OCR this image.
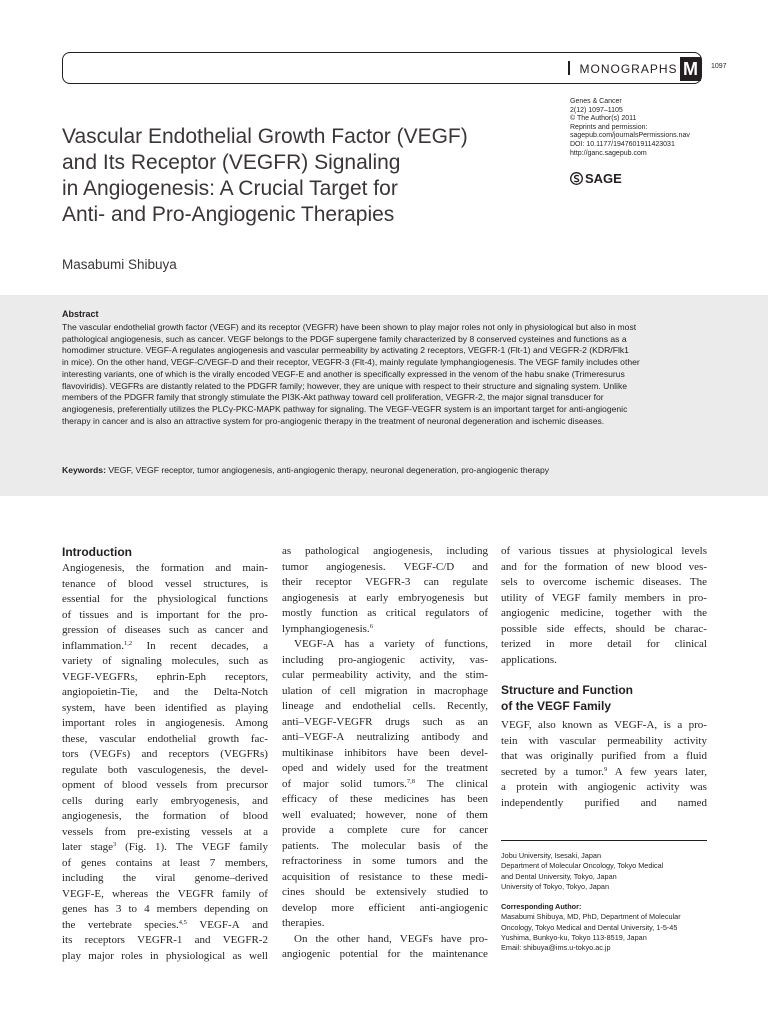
MONOGRAPHS M	1097
Genes & Cancer
2(12) 1097–1105
© The Author(s) 2011
Reprints and permission:
sagepub.com/journalsPermissions.nav
DOI: 10.1177/1947601911423031
http://ganc.sagepub.com
SAGE
Vascular Endothelial Growth Factor (VEGF)
and Its Receptor (VEGFR) Signaling
in Angiogenesis: A Crucial Target for
Anti- and Pro-Angiogenic Therapies
Masabumi Shibuya
Abstract
The vascular endothelial growth factor (VEGF) and its receptor (VEGFR) have been shown to play major roles not only in physiological but also in most
pathological angiogenesis, such as cancer. VEGF belongs to the PDGF supergene family characterized by 8 conserved cysteines and functions as a
homodimer structure. VEGF-A regulates angiogenesis and vascular permeability by activating 2 receptors, VEGFR-1 (Flt-1) and VEGFR-2 (KDR/Flk1
in mice). On the other hand, VEGF-C/VEGF-D and their receptor, VEGFR-3 (Flt-4), mainly regulate lymphangiogenesis. The VEGF family includes other
interesting variants, one of which is the virally encoded VEGF-E and another is specifically expressed in the venom of the habu snake (Trimeresurus
flavoviridis). VEGFRs are distantly related to the PDGFR family; however, they are unique with respect to their structure and signaling system. Unlike
members of the PDGFR family that strongly stimulate the PI3K-Akt pathway toward cell proliferation, VEGFR-2, the major signal transducer for
angiogenesis, preferentially utilizes the PLCγ-PKC-MAPK pathway for signaling. The VEGF-VEGFR system is an important target for anti-angiogenic
therapy in cancer and is also an attractive system for pro-angiogenic therapy in the treatment of neuronal degeneration and ischemic diseases.
Keywords: VEGF, VEGF receptor, tumor angiogenesis, anti-angiogenic therapy, neuronal degeneration, pro-angiogenic therapy
Introduction
Angiogenesis, the formation and main-
tenance of blood vessel structures, is
essential for the physiological functions
of tissues and is important for the pro-
gression of diseases such as cancer and
inflammation.$^{1,2}$ In recent decades, a
variety of signaling molecules, such as
VEGF-VEGFRs, ephrin-Eph receptors,
angiopoietin-Tie, and the Delta-Notch
system, have been identified as playing
important roles in angiogenesis. Among
these, vascular endothelial growth fac-
tors (VEGFs) and receptors (VEGFRs)
regulate both vasculogenesis, the devel-
opment of blood vessels from precursor
cells during early embryogenesis, and
angiogenesis, the formation of blood
vessels from pre-existing vessels at a
later stage$^3$ (Fig. 1). The VEGF family
of genes contains at least 7 members,
including the viral genome–derived
VEGF-E, whereas the VEGFR family of
genes has 3 to 4 members depending on
the vertebrate species.$^{4,5}$ VEGF-A and
its receptors VEGFR-1 and VEGFR-2
play major roles in physiological as well
as pathological angiogenesis, including
tumor angiogenesis. VEGF-C/D and
their receptor VEGFR-3 can regulate
angiogenesis at early embryogenesis but
mostly function as critical regulators of
lymphangiogenesis.$^6$
VEGF-A has a variety of functions,
including pro-angiogenic activity, vas-
cular permeability activity, and the stim-
ulation of cell migration in macrophage
lineage and endothelial cells. Recently,
anti–VEGF-VEGFR drugs such as an
anti–VEGF-A neutralizing antibody and
multikinase inhibitors have been devel-
oped and widely used for the treatment
of major solid tumors.$^{7,8}$ The clinical
efficacy of these medicines has been
well evaluated; however, none of them
provide a complete cure for cancer
patients. The molecular basis of the
refractoriness in some tumors and the
acquisition of resistance to these medi-
cines should be extensively studied to
develop more efficient anti-angiogenic
therapies.
On the other hand, VEGFs have pro-
angiogenic potential for the maintenance
of various tissues at physiological levels
and for the formation of new blood ves-
sels to overcome ischemic diseases. The
utility of VEGF family members in pro-
angiogenic medicine, together with the
possible side effects, should be charac-
terized in more detail for clinical
applications.
Structure and Function
of the VEGF Family
VEGF, also known as VEGF-A, is a pro-
tein with vascular permeability activity
that was originally purified from a fluid
secreted by a tumor.$^9$ A few years later,
a protein with angiogenic activity was
independently purified and named
Jobu University, Isesaki, Japan
Department of Molecular Oncology, Tokyo Medical
and Dental University, Tokyo, Japan
University of Tokyo, Tokyo, Japan
Corresponding Author:
Masabumi Shibuya, MD, PhD, Department of Molecular
Oncology, Tokyo Medical and Dental University, 1-5-45
Yushima, Bunkyo-ku, Tokyo 113-8519, Japan
Email: shibuya@ims.u-tokyo.ac.jp
